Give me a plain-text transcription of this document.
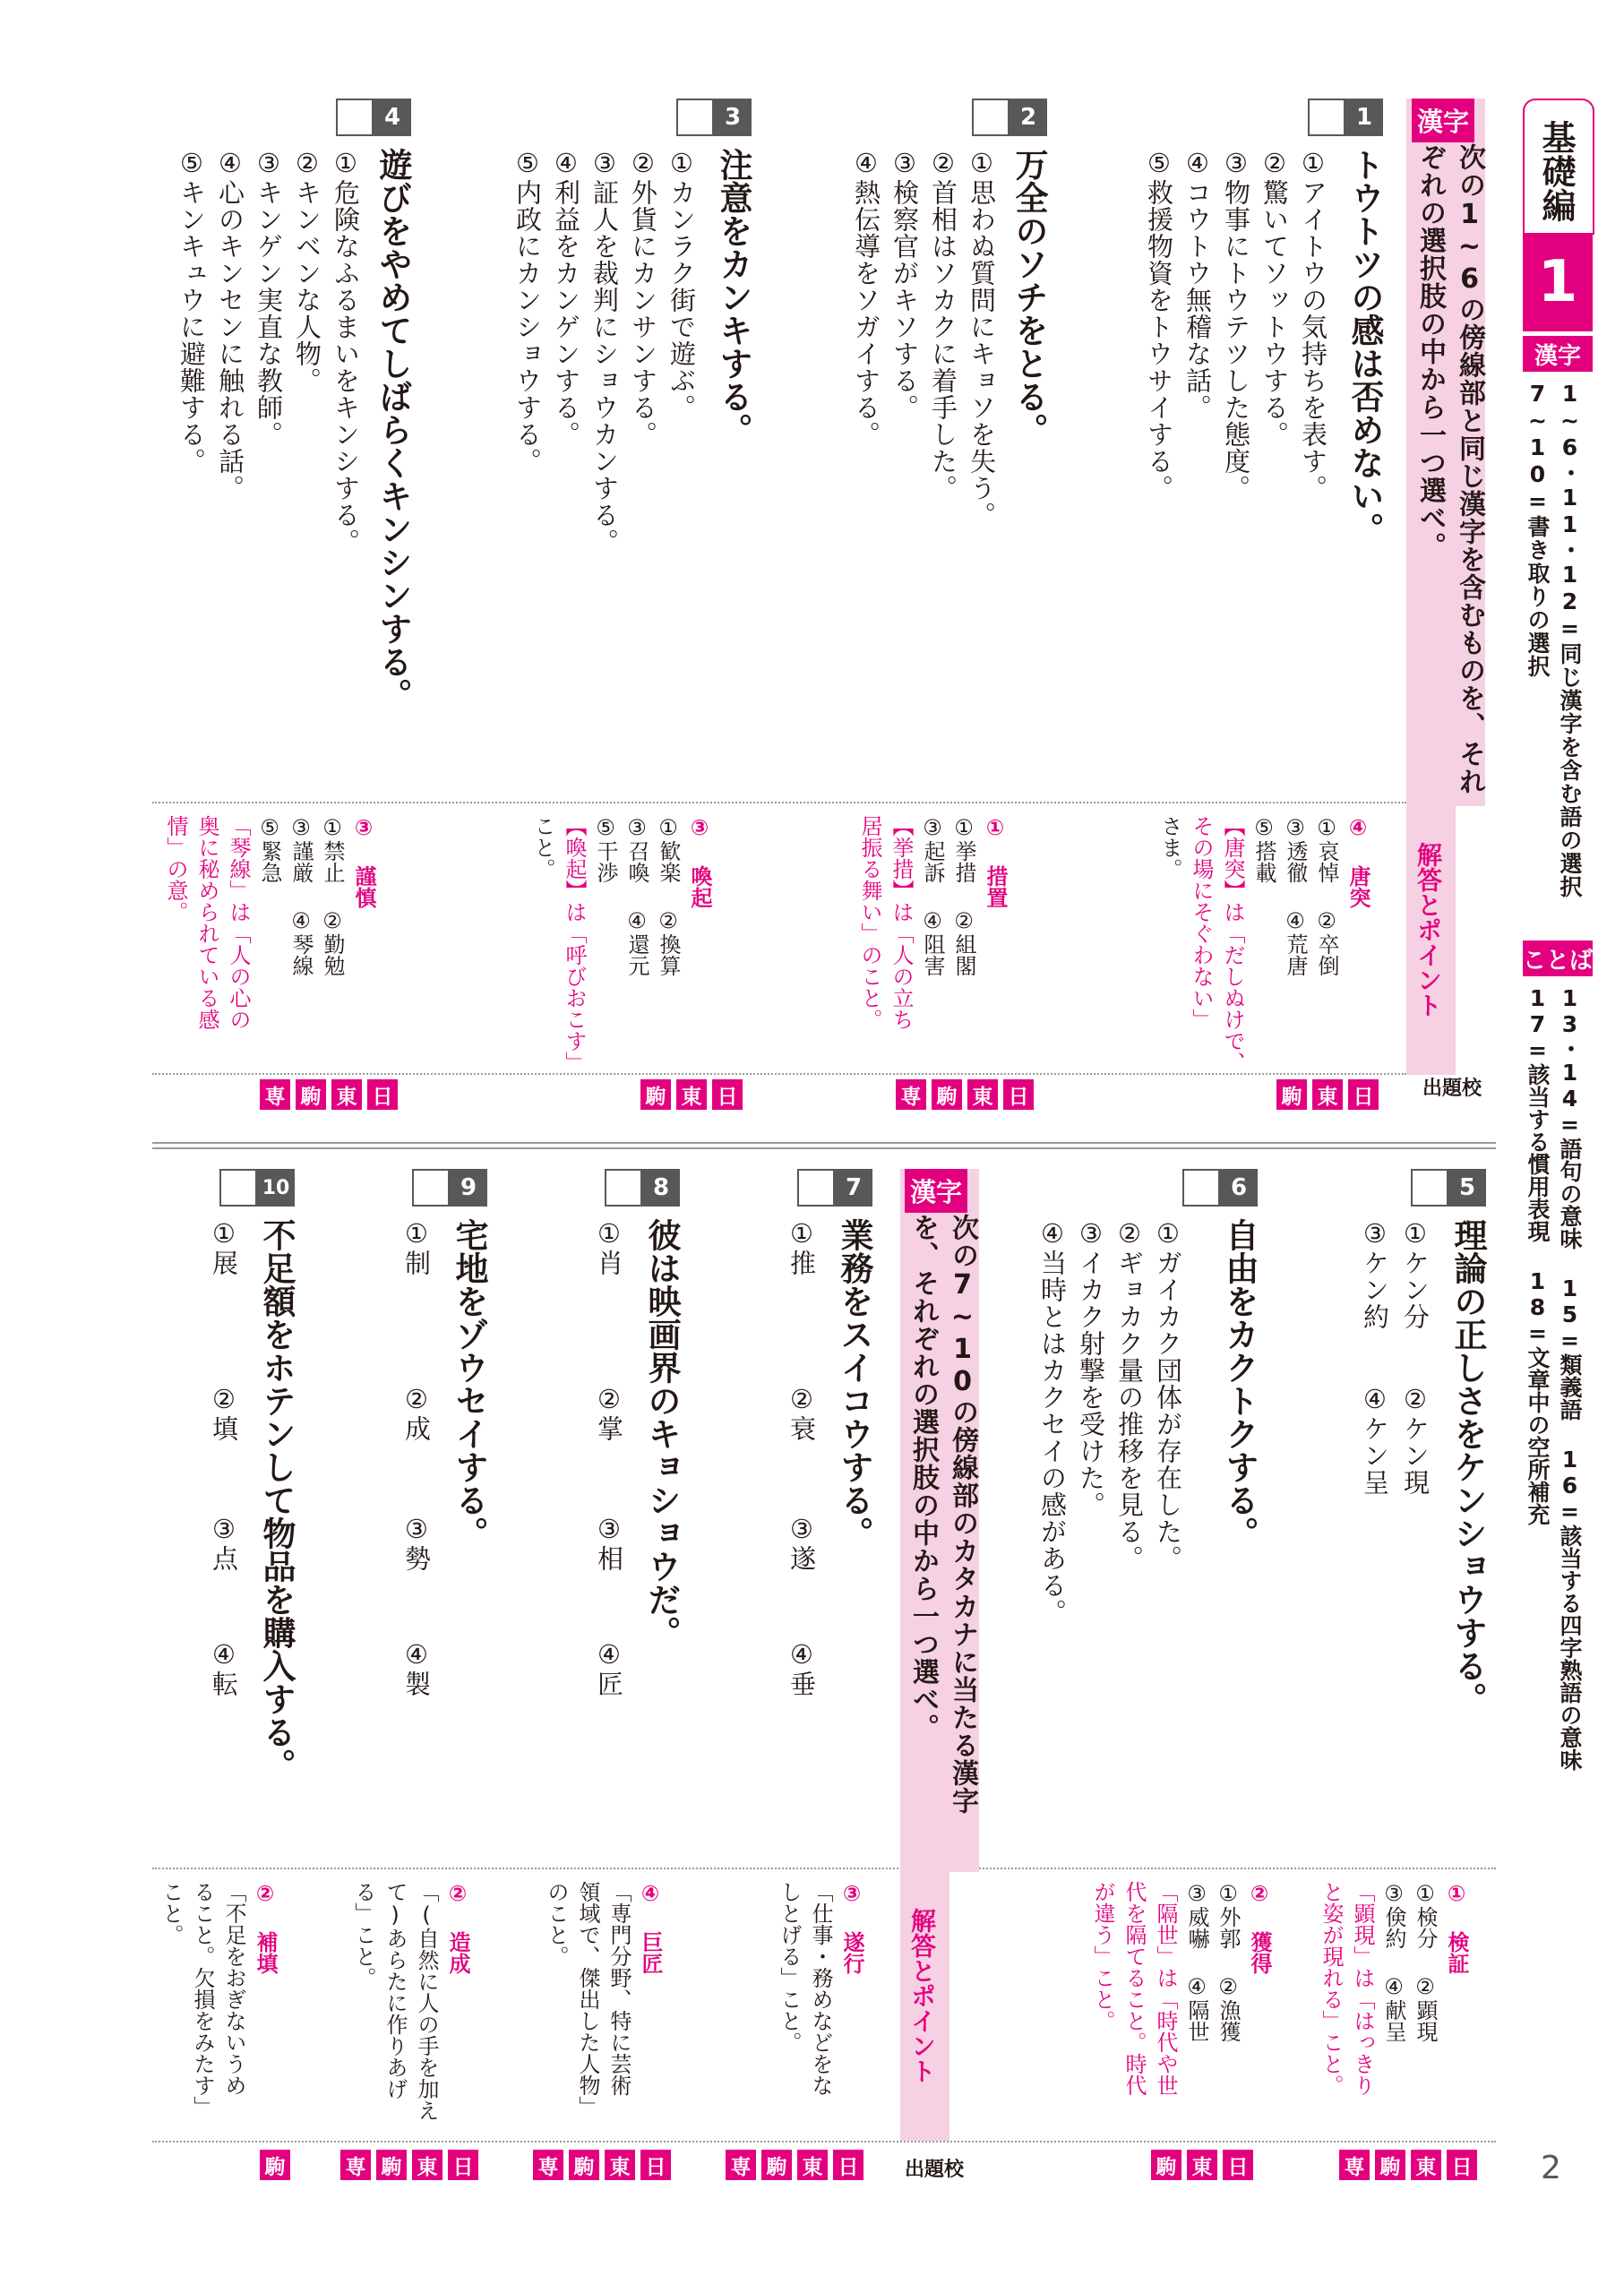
基礎編
1
漢字
1~6・11・12=同じ漢字を含む語の選択
7~10=書き取りの選択
ことば
13・14=語句の意味 15=類義語 16=該当する四字熟語の意味
17=該当する慣用表現 18=文章中の空所補充
2
漢字
次の1~6の傍線部と同じ漢字を含むものを、それぞれの選択肢の中から一つ選べ。
解答とポイント
出題校
1
トウトツの感は否めない。
①アイトウの気持ちを表す。
②驚いてソットウする。
③物事にトウテツした態度。
④コウトウ無稽な話。
⑤救援物資をトウサイする。
④ 唐突
①哀悼 ②卒倒
③透徹 ④荒唐
⑤搭載
【唐突】は「だしぬけで、
その場にそぐわない」
さま。
日
東
駒
2
万全のソチをとる。
①思わぬ質問にキョソを失う。
②首相はソカクに着手した。
③検察官がキソする。
④熱伝導をソガイする。
① 措置
①挙措 ②組閣
③起訴 ④阻害
【挙措】は「人の立ち
居振る舞い」のこと。
日
東
駒
専
3
注意をカンキする。
①カンラク街で遊ぶ。
②外貨にカンサンする。
③証人を裁判にショウカンする。
④利益をカンゲンする。
⑤内政にカンショウする。
③ 喚起
①歓楽 ②換算
③召喚 ④還元
⑤干渉
【喚起】は「呼びおこす」
こと。
日
東
駒
4
遊びをやめてしばらくキンシンする。
①危険なふるまいをキンシする。
②キンベンな人物。
③キンゲン実直な教師。
④心のキンセンに触れる話。
⑤キンキュウに避難する。
③ 謹慎
①禁止 ②勤勉
③謹厳 ④琴線
⑤緊急
「琴線」は「人の心の
奥に秘められている感
情」の意。
日
東
駒
専
5
理論の正しさをケンショウする。
①ケン分
②ケン現
③ケン約
④ケン呈
① 検証
①検分 ②顕現
③倹約 ④献呈
「顕現」は「はっきり
と姿が現れる」こと。
日
東
駒
専
6
自由をカクトクする。
①ガイカク団体が存在した。
②ギョカク量の推移を見る。
③イカク射撃を受けた。
④当時とはカクセイの感がある。
② 獲得
①外郭 ②漁獲
③威嚇 ④隔世
「隔世」は「時代や世
代を隔てること。時代
が違う」こと。
日
東
駒
漢字
次の7~10の傍線部のカタカナに当たる漢字を、それぞれの選択肢の中から一つ選べ。
解答とポイント
出題校
7
業務をスイコウする。
①推
②衰
③遂
④垂
③ 遂行
「仕事・務めなどをな
しとげる」こと。
日
東
駒
専
8
彼は映画界のキョショウだ。
①肖
②掌
③相
④匠
④ 巨匠
「専門分野、特に芸術
領域で、傑出した人物」
のこと。
日
東
駒
専
9
宅地をゾウセイする。
①制
②成
③勢
④製
② 造成
「(自然に人の手を加え
て)あらたに作りあげ
る」こと。
日
東
駒
専
10
不足額をホテンして物品を購入する。
①展
②填
③点
④転
② 補填
「不足をおぎないうめ
ること。欠損をみたす」
こと。
駒
